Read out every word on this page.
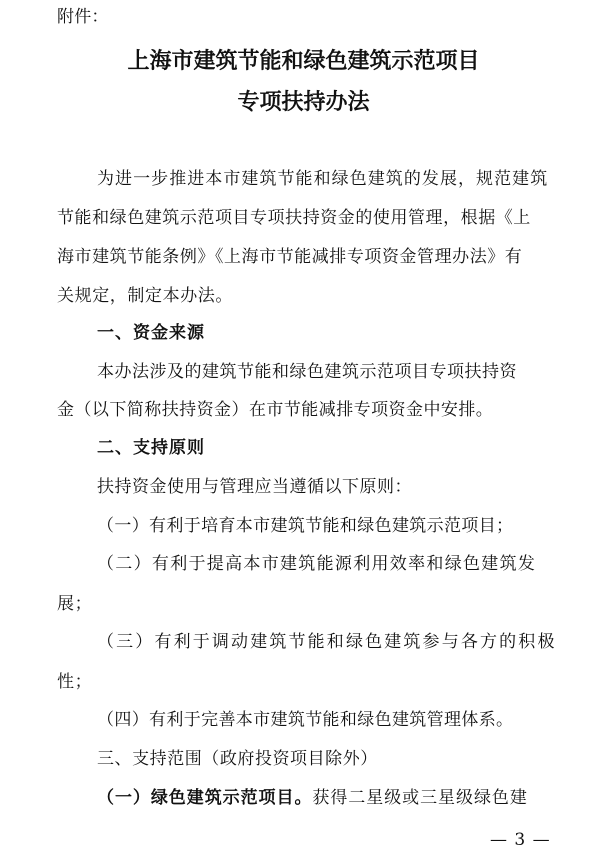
附件：
上海市建筑节能和绿色建筑示范项目
专项扶持办法
为进一步推进本市建筑节能和绿色建筑的发展，规范建筑
节能和绿色建筑示范项目专项扶持资金的使用管理，根据《上
海市建筑节能条例》《上海市节能减排专项资金管理办法》有
关规定，制定本办法。
一、资金来源
本办法涉及的建筑节能和绿色建筑示范项目专项扶持资
金（以下简称扶持资金）在市节能减排专项资金中安排。
二、支持原则
扶持资金使用与管理应当遵循以下原则：
（一）有利于培育本市建筑节能和绿色建筑示范项目；
（二）有利于提高本市建筑能源利用效率和绿色建筑发
展；
（三）有利于调动建筑节能和绿色建筑参与各方的积极
性；
（四）有利于完善本市建筑节能和绿色建筑管理体系。
三、支持范围（政府投资项目除外）
（一）绿色建筑示范项目。获得二星级或三星级绿色建
— 3 —
